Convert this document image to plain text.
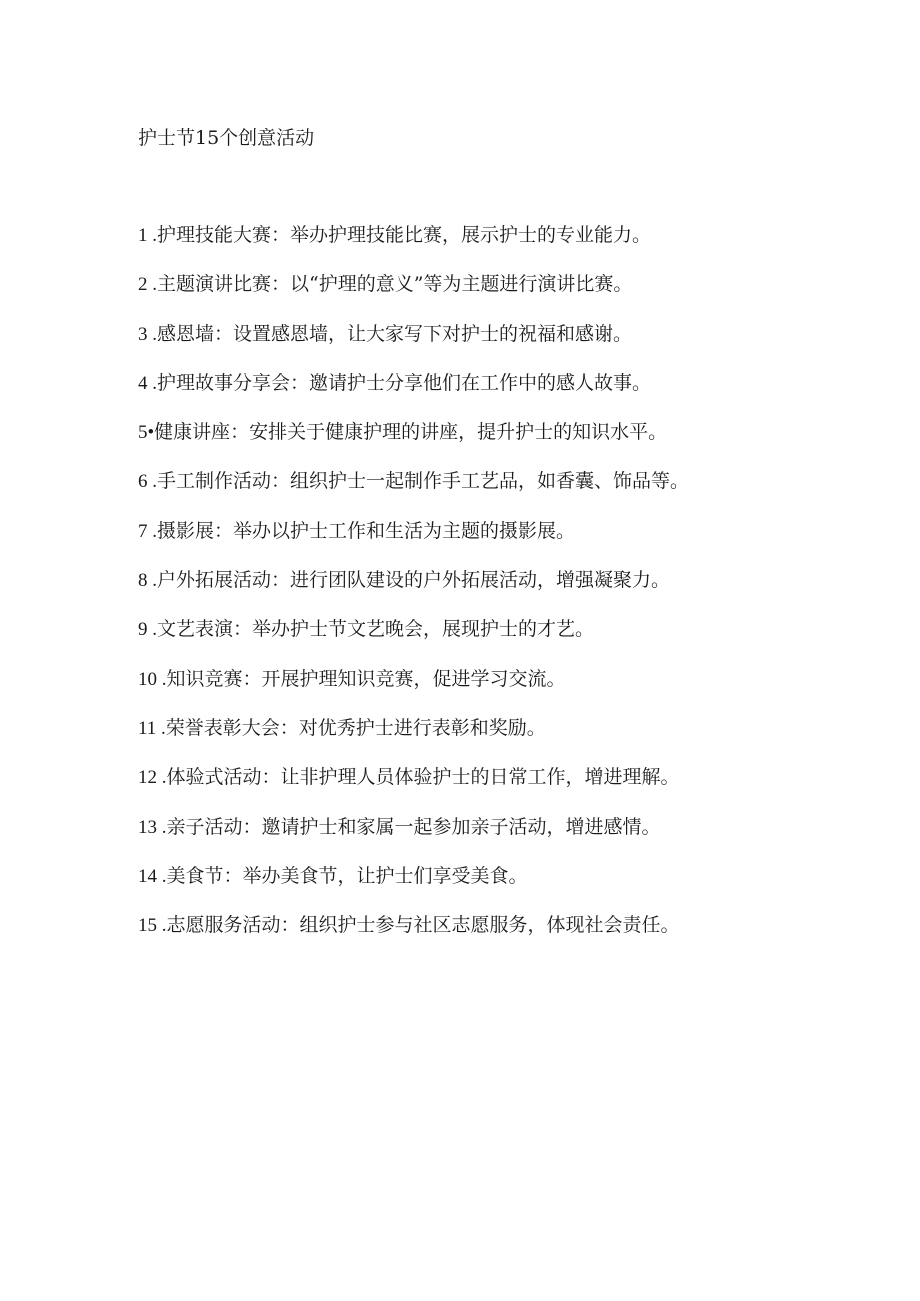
护士节15个创意活动
1 .护理技能大赛：举办护理技能比赛，展示护士的专业能力。
2 .主题演讲比赛：以“护理的意义”等为主题进行演讲比赛。
3 .感恩墙：设置感恩墙，让大家写下对护士的祝福和感谢。
4 .护理故事分享会：邀请护士分享他们在工作中的感人故事。
5•健康讲座：安排关于健康护理的讲座，提升护士的知识水平。
6 .手工制作活动：组织护士一起制作手工艺品，如香囊、饰品等。
7 .摄影展：举办以护士工作和生活为主题的摄影展。
8 .户外拓展活动：进行团队建设的户外拓展活动，增强凝聚力。
9 .文艺表演：举办护士节文艺晚会，展现护士的才艺。
10 .知识竞赛：开展护理知识竞赛，促进学习交流。
11 .荣誉表彰大会：对优秀护士进行表彰和奖励。
12 .体验式活动：让非护理人员体验护士的日常工作，增进理解。
13 .亲子活动：邀请护士和家属一起参加亲子活动，增进感情。
14 .美食节：举办美食节，让护士们享受美食。
15 .志愿服务活动：组织护士参与社区志愿服务，体现社会责任。
